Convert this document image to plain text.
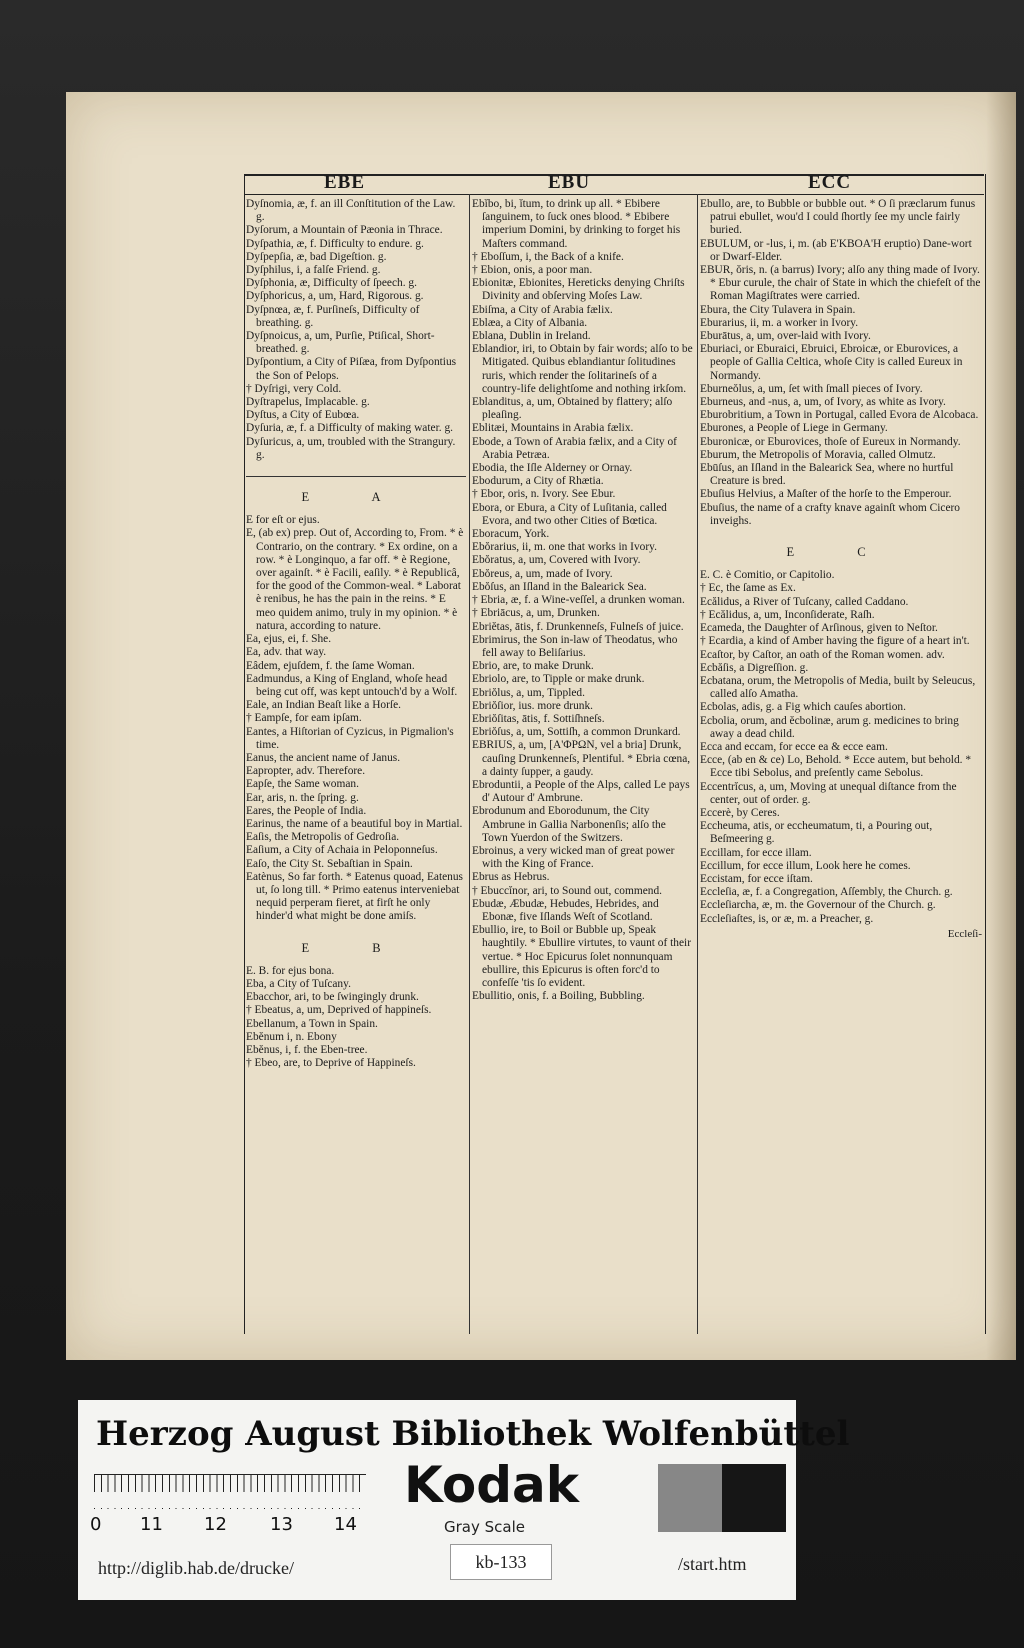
EBE	EBU	ECC
Dyſnomia, æ, f. an ill Conſtitution of the Law. g.
Dyſorum, a Mountain of Pæonia in Thrace.
Dyſpathia, æ, f. Difficulty to endure. g.
Dyſpepſia, æ, bad Digeſtion. g.
Dyſphilus, i, a falſe Friend. g.
Dyſphonia, æ, Difficulty of ſpeech. g.
Dyſphoricus, a, um, Hard, Rigorous. g.
Dyſpnœa, æ, f. Purſineſs, Difficulty of breathing. g.
Dyſpnoicus, a, um, Purſie, Ptiſical, Short-breathed. g.
Dyſpontium, a City of Piſæa, from Dyſpontius the Son of Pelops.
† Dyſrigi, very Cold.
Dyſtrapelus, Implacable. g.
Dyſtus, a City of Eubœa.
Dyſuria, æ, f. a Difficulty of making water. g.
Dyſuricus, a, um, troubled with the Strangury. g.
E A
E for eſt or ejus.
E, (ab ex) prep. Out of, According to, From. * è Contrario, on the contrary. * Ex ordine, on a row. * è Longinquo, a far off. * è Regione, over againſt. * è Facili, eaſily. * è Republicâ, for the good of the Common-weal. * Laborat è renibus, he has the pain in the reins. * E meo quidem animo, truly in my opinion. * è natura, according to nature.
Ea, ejus, ei, f. She.
Ea, adv. that way.
Eâdem, ejuſdem, f. the ſame Woman.
Eadmundus, a King of England, whoſe head being cut off, was kept untouch'd by a Wolf.
Eale, an Indian Beaſt like a Horſe.
† Eampſe, for eam ipſam.
Eantes, a Hiſtorian of Cyzicus, in Pigmalion's time.
Eanus, the ancient name of Janus.
Eapropter, adv. Therefore.
Eapſe, the Same woman.
Ear, aris, n. the ſpring. g.
Eares, the People of India.
Earinus, the name of a beautiful boy in Martial.
Eaſis, the Metropolis of Gedroſia.
Eaſium, a City of Achaia in Peloponneſus.
Eaſo, the City St. Sebaſtian in Spain.
Eatènus, So far forth. * Eatenus quoad, Eatenus ut, ſo long till. * Primo eatenus interveniebat nequid perperam fieret, at firſt he only hinder'd what might be done amiſs.
E B
E. B. for ejus bona.
Eba, a City of Tuſcany.
Ebacchor, ari, to be ſwingingly drunk.
† Ebeatus, a, um, Deprived of happineſs.
Ebellanum, a Town in Spain.
Ebĕnum i, n. Ebony
Ebĕnus, i, f. the Eben-tree.
† Ebeo, are, to Deprive of Happineſs.
Ebĭbo, bi, ĭtum, to drink up all. * Ebibere ſanguinem, to ſuck ones blood. * Ebibere imperium Domini, by drinking to forget his Maſters command.
† Eboſſum, i, the Back of a knife.
† Ebion, onis, a poor man.
Ebionitæ, Ebionites, Hereticks denying Chriſts Divinity and obſerving Moſes Law.
Ebiſma, a City of Arabia fælix.
Eblæa, a City of Albania.
Eblana, Dublin in Ireland.
Eblandior, iri, to Obtain by fair words; alſo to be Mitigated. Quibus eblandiantur ſolitudines ruris, which render the ſolitarineſs of a country-life delightſome and nothing irkſom.
Eblanditus, a, um, Obtained by flattery; alſo pleaſing.
Eblitæi, Mountains in Arabia fælix.
Ebode, a Town of Arabia fælix, and a City of Arabia Petræa.
Ebodia, the Iſle Alderney or Ornay.
Ebodurum, a City of Rhætia.
† Ebor, oris, n. Ivory. See Ebur.
Ebora, or Ebura, a City of Luſitania, called Evora, and two other Cities of Bœtica.
Eboracum, York.
Ebŏrarius, ii, m. one that works in Ivory.
Ebŏratus, a, um, Covered with Ivory.
Ebŏreus, a, um, made of Ivory.
Ebŏſus, an Iſland in the Balearick Sea.
† Ebria, æ, f. a Wine-veſſel, a drunken woman.
† Ebriācus, a, um, Drunken.
Ebriĕtas, ātis, f. Drunkenneſs, Fulneſs of juice.
Ebrimirus, the Son in-law of Theodatus, who fell away to Beliſarius.
Ebrio, are, to make Drunk.
Ebriolo, are, to Tipple or make drunk.
Ebriŏlus, a, um, Tippled.
Ebriŏſior, ius. more drunk.
Ebriŏſitas, ātis, f. Sottiſhneſs.
Ebriŏſus, a, um, Sottiſh, a common Drunkard.
EBRIUS, a, um, [Α'ΦΡΩΝ, vel a bria] Drunk, cauſing Drunkenneſs, Plentiful. * Ebria cœna, a dainty ſupper, a gaudy.
Ebroduntii, a People of the Alps, called Le pays d' Autour d' Ambrune.
Ebrodunum and Eborodunum, the City Ambrune in Gallia Narbonenſis; alſo the Town Yuerdon of the Switzers.
Ebroinus, a very wicked man of great power with the King of France.
Ebrus as Hebrus.
† Ebuccĭnor, ari, to Sound out, commend.
Ebudæ, Æbudæ, Hebudes, Hebrides, and Ebonæ, five Iſlands Weſt of Scotland.
Ebullio, ire, to Boil or Bubble up, Speak haughtily. * Ebullire virtutes, to vaunt of their vertue. * Hoc Epicurus ſolet nonnunquam ebullire, this Epicurus is often forc'd to confeſſe 'tis ſo evident.
Ebullitio, onis, f. a Boiling, Bubbling.
Ebullo, are, to Bubble or bubble out. * O ſi præclarum funus patrui ebullet, wou'd I could ſhortly ſee my uncle fairly buried.
EBULUM, or -lus, i, m. (ab E'KBOA'H eruptio) Dane-wort or Dwarf-Elder.
EBUR, ŏris, n. (a barrus) Ivory; alſo any thing made of Ivory. * Ebur curule, the chair of State in which the chiefeſt of the Roman Magiſtrates were carried.
Ebura, the City Tulavera in Spain.
Eburarius, ii, m. a worker in Ivory.
Eburātus, a, um, over-laid with Ivory.
Eburiaci, or Eburaici, Ebruici, Ebroicæ, or Eburovices, a people of Gallia Celtica, whoſe City is called Eureux in Normandy.
Eburneŏlus, a, um, ſet with ſmall pieces of Ivory.
Eburneus, and -nus, a, um, of Ivory, as white as Ivory.
Eburobritium, a Town in Portugal, called Evora de Alcobaca.
Eburones, a People of Liege in Germany.
Eburonicæ, or Eburovices, thoſe of Eureux in Normandy.
Eburum, the Metropolis of Moravia, called Olmutz.
Ebūſus, an Iſland in the Balearick Sea, where no hurtful Creature is bred.
Ebuſius Helvius, a Maſter of the horſe to the Emperour.
Ebuſius, the name of a crafty knave againſt whom Cicero inveighs.
E C
E. C. è Comitio, or Capitolio.
† Ec, the ſame as Ex.
Ecălidus, a River of Tuſcany, called Caddano.
† Ecălidus, a, um, Inconſiderate, Raſh.
Ecameda, the Daughter of Arſinous, given to Neſtor.
† Ecardia, a kind of Amber having the figure of a heart in't.
Ecaſtor, by Caſtor, an oath of the Roman women. adv.
Ecbăſis, a Digreſſion. g.
Ecbatana, orum, the Metropolis of Media, built by Seleucus, called alſo Amatha.
Ecbolas, adis, g. a Fig which cauſes abortion.
Ecbolia, orum, and ĕcbolinæ, arum g. medicines to bring away a dead child.
Ecca and eccam, for ecce ea & ecce eam.
Ecce, (ab en & ce) Lo, Behold. * Ecce autem, but behold. * Ecce tibi Sebolus, and preſently came Sebolus.
Eccentrĭcus, a, um, Moving at unequal diſtance from the center, out of order. g.
Eccerè, by Ceres.
Eccheuma, atis, or eccheumatum, ti, a Pouring out, Beſmeering g.
Eccillam, for ecce illam.
Eccillum, for ecce illum, Look here he comes.
Eccistam, for ecce iſtam.
Eccleſia, æ, f. a Congregation, Aſſembly, the Church. g.
Eccleſiarcha, æ, m. the Governour of the Church. g.
Eccleſiaſtes, is, or æ, m. a Preacher, g.
Eccleſi-
Herzog August Bibliothek Wolfenbüttel
0 11 12 13 14
Kodak
Gray Scale
kb-133
http://diglib.hab.de/drucke/	/start.htm
